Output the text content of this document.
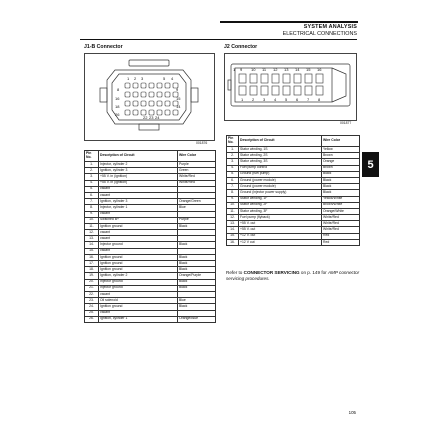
SYSTEM ANALYSIS
ELECTRICAL CONNECTIONS
J1-B Connector
1 2 3	5 4
8	9
16	15
18	14
26
22 23 24
001876
Pin No.	Description of Circuit	Wire Color
1.	Injector, cylinder 2	Purple
2.	Ignition, cylinder 3	Green
3.	+55 V. in (ignition)	White/Red
4.	+55 V. in (ignition)	White/Red
5.	vacant	
6.	vacant	
7.	Ignition, cylinder 3	Orange/Green
8.	Injector, cylinder 1	Blue
9.	vacant	
10.	Switched B+	Purple
11.	Ignition ground	Black
12.	vacant	
13.	vacant	
14.	Injector ground	Black
15.	vacant	
16.	Ignition ground	Black
17.	Ignition ground	Black
18.	Ignition ground	Black
19.	Ignition, cylinder 2	Orange/Purple
20.	Injector ground	Black
21.	Injector ground	Black
22.	vacant	
23.	Oil solenoid	Blue
24.	Ignition ground	Black
25.	vacant	
26.	Ignition, cylinder 1	Orange/Blue
J2 Connector
1 9 10 11 12 13 14 15 16
1 2 3 4 5 6 7 8
001877
Pin No.	Description of Circuit	Wire Color
1.	Stator winding, 1S	Yellow
2.	Stator winding, 2S	Brown
3.	Stator winding, 3S	Orange
4.	Fuel pump control	Brown
5.	Ground (fuel pump)	Black
6.	Ground (power module)	Black
7.	Ground (power module)	Black
8.	Ground (injector power supply)	Black
9.	Stator winding, 1F	Yellow/White
10.	Stator winding, 2F	Brown/White
11.	Stator winding, 3F	Orange/White
12.	Fuel pump (flyback)	White/Red
13.	+55 V. out	White/Red
14.	+55 V. out	White/Red
15.	+12 V. out	Red
16.	+12 V out	Red
5
Refer to CONNECTOR SERVICING on p. 149 for AMP connector servicing procedures.
105
